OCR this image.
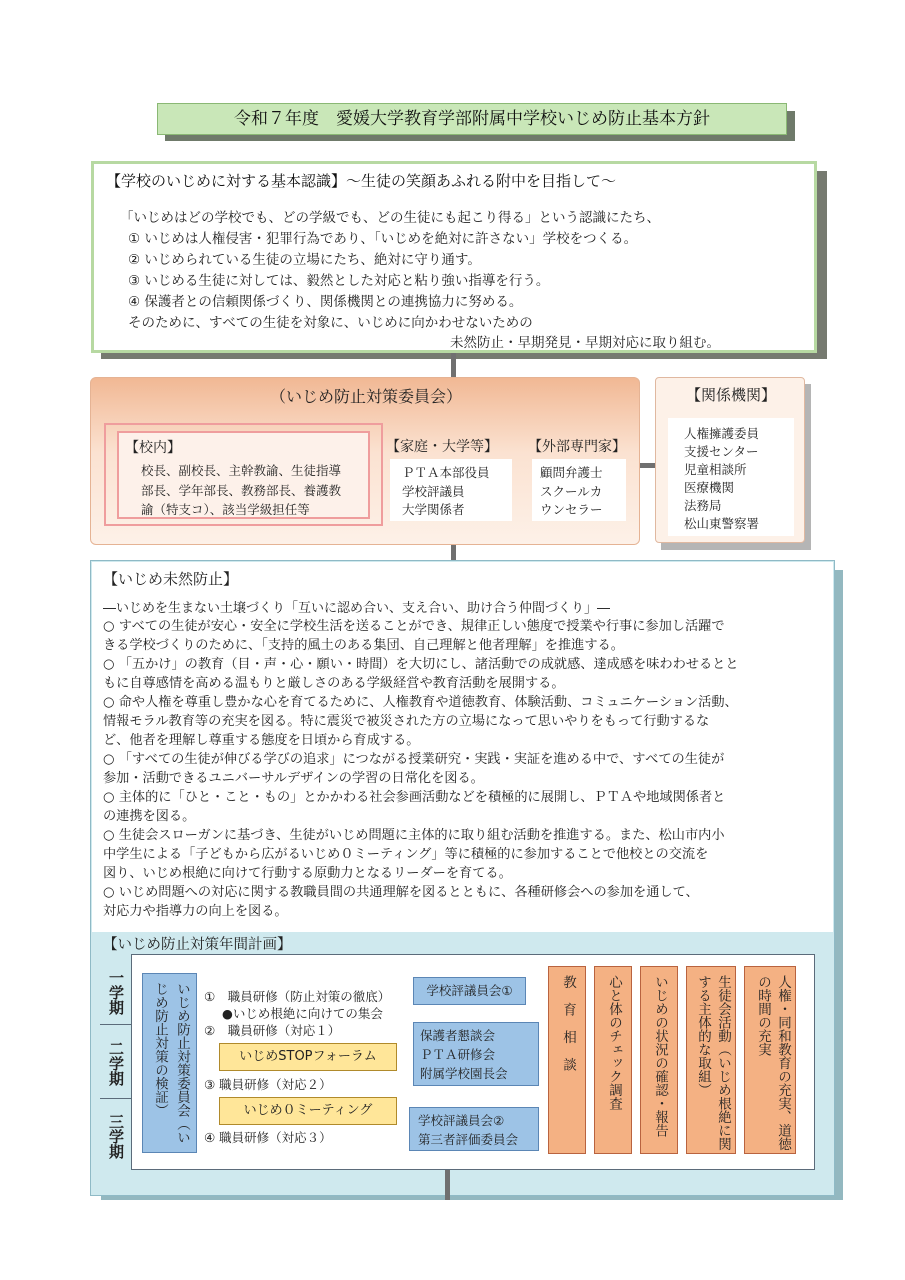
令和７年度　愛媛大学教育学部附属中学校いじめ防止基本方針
【学校のいじめに対する基本認識】～生徒の笑顔あふれる附中を目指して～
「いじめはどの学校でも、どの学級でも、どの生徒にも起こり得る」という認識にたち、
① いじめは人権侵害・犯罪行為であり、「いじめを絶対に許さない」学校をつくる。
② いじめられている生徒の立場にたち、絶対に守り通す。
③ いじめる生徒に対しては、毅然とした対応と粘り強い指導を行う。
④ 保護者との信頼関係づくり、関係機関との連携協力に努める。
そのために、すべての生徒を対象に、いじめに向かわせないための
未然防止・早期発見・早期対応に取り組む。
（いじめ防止対策委員会）
【校内】
校長、副校長、主幹教諭、生徒指導
部長、学年部長、教務部長、養護教
諭（特支コ）、該当学級担任等
【家庭・大学等】
ＰＴＡ本部役員
学校評議員
大学関係者
【外部専門家】
顧問弁護士
スクールカ
ウンセラー
【関係機関】
人権擁護委員
支援センター
児童相談所
医療機関
法務局
松山東警察署
【いじめ未然防止】
―いじめを生まない土壌づくり「互いに認め合い、支え合い、助け合う仲間づくり」―
○ すべての生徒が安心・安全に学校生活を送ることができ、規律正しい態度で授業や行事に参加し活躍で
きる学校づくりのために、「支持的風土のある集団、自己理解と他者理解」を推進する。
○ 「五かけ」の教育（目・声・心・願い・時間）を大切にし、諸活動での成就感、達成感を味わわせるとと
もに自尊感情を高める温もりと厳しさのある学級経営や教育活動を展開する。
○ 命や人権を尊重し豊かな心を育てるために、人権教育や道徳教育、体験活動、コミュニケーション活動、
情報モラル教育等の充実を図る。特に震災で被災された方の立場になって思いやりをもって行動するな
ど、他者を理解し尊重する態度を日頃から育成する。
○ 「すべての生徒が伸びる学びの追求」につながる授業研究・実践・実証を進める中で、すべての生徒が
参加・活動できるユニバーサルデザインの学習の日常化を図る。
○ 主体的に「ひと・こと・もの」とかかわる社会参画活動などを積極的に展開し、ＰＴＡや地域関係者と
の連携を図る。
○ 生徒会スローガンに基づき、生徒がいじめ問題に主体的に取り組む活動を推進する。また、松山市内小
中学生による「子どもから広がるいじめ０ミーティング」等に積極的に参加することで他校との交流を
図り、いじめ根絶に向けて行動する原動力となるリーダーを育てる。
○ いじめ問題への対応に関する教職員間の共通理解を図るとともに、各種研修会への参加を通して、
対応力や指導力の向上を図る。
【いじめ防止対策年間計画】
一学期
二学期
三学期	いじめ防止対策委員会（いじめ防止対策の検証）	①　職員研修（防止対策の徹底）
●いじめ根絶に向けての集会
②　職員研修（対応１）
いじめSTOPフォーラム
③ 職員研修（対応２）
いじめ０ミーティング
④ 職員研修（対応３）
学校評議員会①
保護者懇談会
ＰＴＡ研修会
附属学校園長会
学校評議員会②
第三者評価委員会
教育相談	心と体のチェック調査	いじめの状況の確認・報告	生徒会活動（いじめ根絶に関する主体的な取組）	人権・同和教育の充実、道徳の時間の充実
